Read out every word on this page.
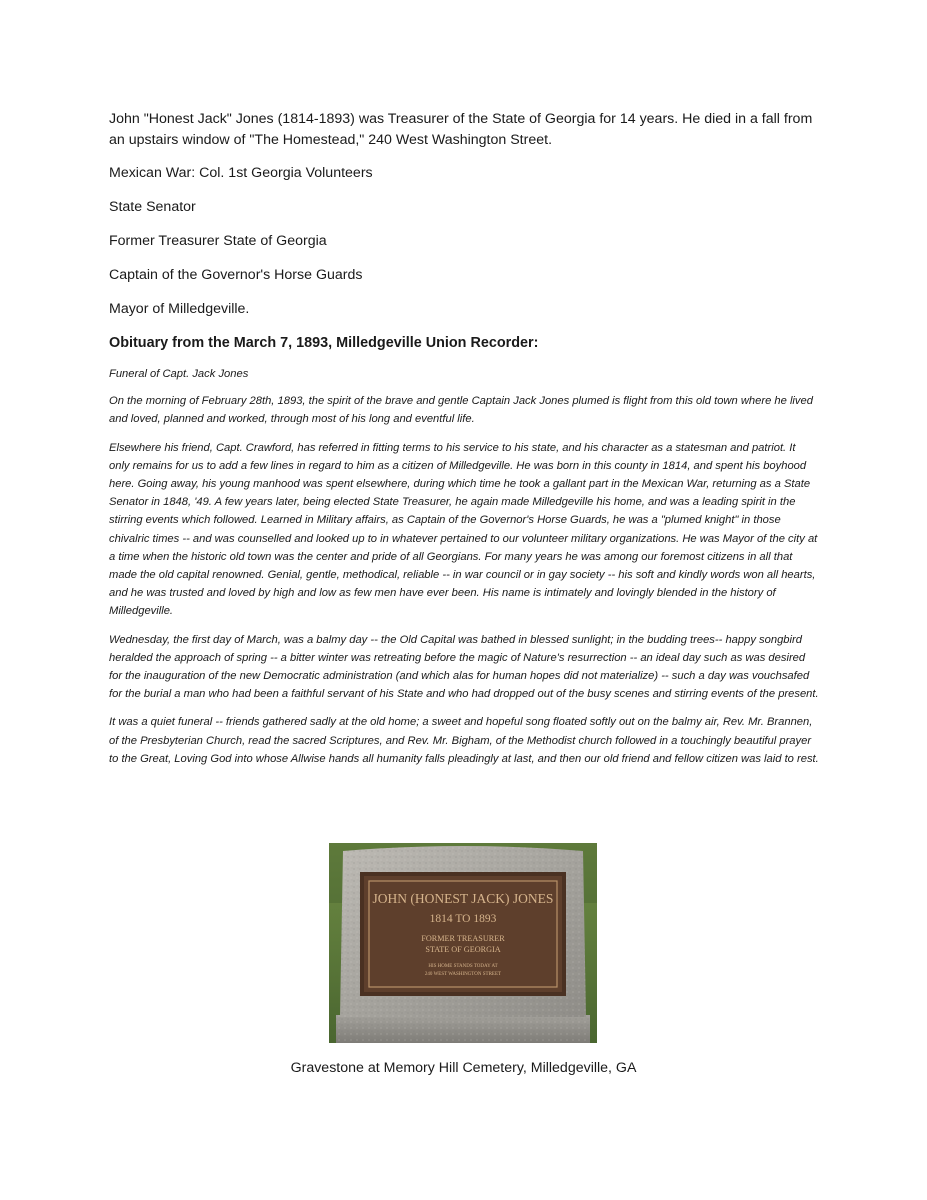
John "Honest Jack" Jones (1814-1893) was Treasurer of the State of Georgia for 14 years. He died in a fall from an upstairs window of "The Homestead," 240 West Washington Street.

Mexican War: Col. 1st Georgia Volunteers

State Senator

Former Treasurer State of Georgia

Captain of the Governor's Horse Guards

Mayor of Milledgeville.

Obituary from the March 7, 1893, Milledgeville Union Recorder:

Funeral of Capt. Jack Jones

On the morning of February 28th, 1893, the spirit of the brave and gentle Captain Jack Jones plumed is flight from this old town where he lived and loved, planned and worked, through most of his long and eventful life.

Elsewhere his friend, Capt. Crawford, has referred in fitting terms to his service to his state, and his character as a statesman and patriot. It only remains for us to add a few lines in regard to him as a citizen of Milledgeville. He was born in this county in 1814, and spent his boyhood here. Going away, his young manhood was spent elsewhere, during which time he took a gallant part in the Mexican War, returning as a State Senator in 1848, '49. A few years later, being elected State Treasurer, he again made Milledgeville his home, and was a leading spirit in the stirring events which followed. Learned in Military affairs, as Captain of the Governor's Horse Guards, he was a "plumed knight" in those chivalric times -- and was counselled and looked up to in whatever pertained to our volunteer military organizations. He was Mayor of the city at a time when the historic old town was the center and pride of all Georgians. For many years he was among our foremost citizens in all that made the old capital renowned. Genial, gentle, methodical, reliable -- in war council or in gay society -- his soft and kindly words won all hearts, and he was trusted and loved by high and low as few men have ever been. His name is intimately and lovingly blended in the history of Milledgeville.

Wednesday, the first day of March, was a balmy day -- the Old Capital was bathed in blessed sunlight; in the budding trees-- happy songbird heralded the approach of spring -- a bitter winter was retreating before the magic of Nature's resurrection -- an ideal day such as was desired for the inauguration of the new Democratic administration (and which alas for human hopes did not materialize) -- such a day was vouchsafed for the burial a man who had been a faithful servant of his State and who had dropped out of the busy scenes and stirring events of the present.

It was a quiet funeral -- friends gathered sadly at the old home; a sweet and hopeful song floated softly out on the balmy air, Rev. Mr. Brannen, of the Presbyterian Church, read the sacred Scriptures, and Rev. Mr. Bigham, of the Methodist church followed in a touchingly beautiful prayer to the Great, Loving God into whose Allwise hands all humanity falls pleadingly at last, and then our old friend and fellow citizen was laid to rest.

JOHN (HONEST JACK) JONES
1814 TO 1893
FORMER TREASURER
STATE OF GEORGIA
HIS HOME STANDS TODAY AT
240 WEST WASHINGTON STREET
Gravestone at Memory Hill Cemetery, Milledgeville, GA
